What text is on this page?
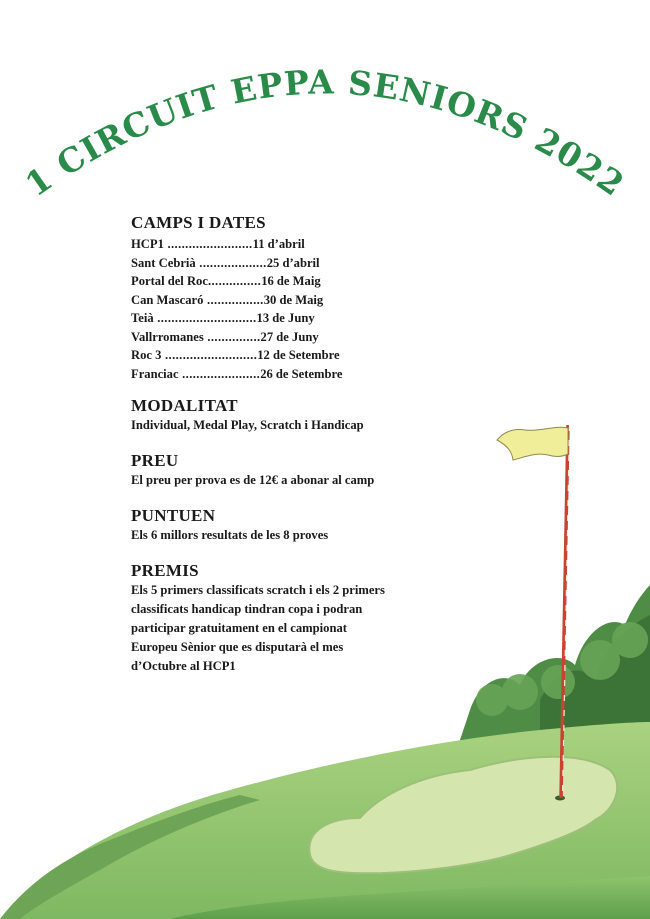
1 CIRCUIT EPPA SENIORS 2022
CAMPS I DATES
HCP1 ........................11 d’abril
Sant Cebrià ...................25 d’abril
Portal del Roc...............16 de Maig
Can Mascaró ................30 de Maig
Teià ............................13 de Juny
Vallrromanes ...............27 de Juny
Roc 3 ..........................12 de Setembre
Franciac ......................26 de Setembre
MODALITAT

Individual, Medal Play, Scratch i Handicap

PREU

El preu per prova es de 12€ a abonar al camp

PUNTUEN

Els 6 millors resultats de les 8 proves

PREMIS
Els 5 primers classificats scratch i els 2 primers
classificats handicap tindran copa i podran
participar gratuitament en el campionat
Europeu Sènior que es disputarà el mes
d’Octubre al HCP1
